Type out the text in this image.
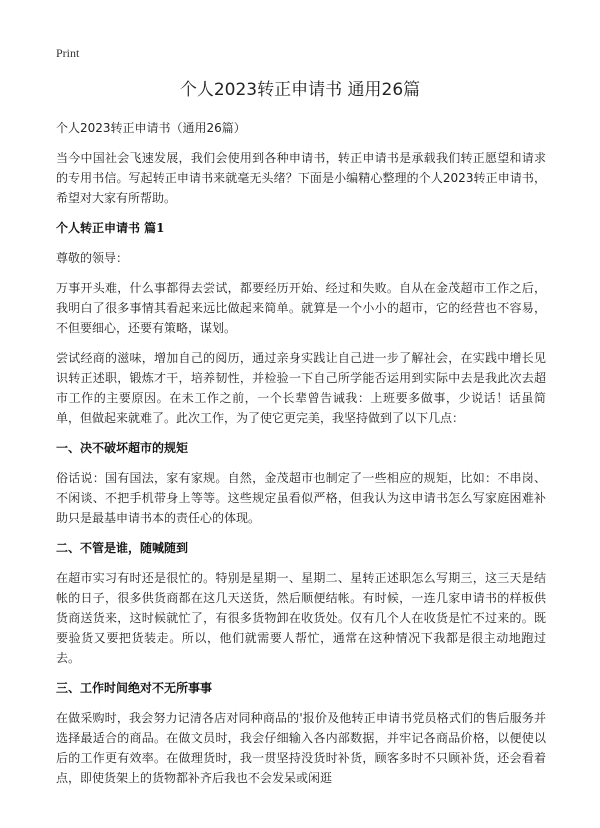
Print
个人2023转正申请书 通用26篇

个人2023转正申请书（通用26篇）

当今中国社会飞速发展，我们会使用到各种申请书，转正申请书是承载我们转正愿望和请求的专用书信。写起转正申请书来就毫无头绪？下面是小编精心整理的个人2023转正申请书，希望对大家有所帮助。

个人转正申请书 篇1

尊敬的领导：

万事开头难，什么事都得去尝试，都要经历开始、经过和失败。自从在金茂超市工作之后，我明白了很多事情其看起来远比做起来简单。就算是一个小小的超市，它的经营也不容易，不但要细心，还要有策略，谋划。

尝试经商的滋味，增加自己的阅历，通过亲身实践让自己进一步了解社会，在实践中增长见识转正述职，锻炼才干，培养韧性，并检验一下自己所学能否运用到实际中去是我此次去超市工作的主要原因。在未工作之前，一个长辈曾告诫我：上班要多做事，少说话！话虽简单，但做起来就难了。此次工作，为了使它更完美，我坚持做到了以下几点：

一、决不破坏超市的规矩

俗话说：国有国法，家有家规。自然，金茂超市也制定了一些相应的规矩，比如：不串岗、不闲谈、不把手机带身上等等。这些规定虽看似严格，但我认为这申请书怎么写家庭困难补助只是最基申请书本的责任心的体现。

二、不管是谁，随喊随到

在超市实习有时还是很忙的。特别是星期一、星期二、星转正述职怎么写期三，这三天是结帐的日子，很多供货商都在这几天送货，然后顺便结帐。有时候，一连几家申请书的样板供货商送货来，这时候就忙了，有很多货物卸在收货处。仅有几个人在收货是忙不过来的。既要验货又要把货装走。所以，他们就需要人帮忙，通常在这种情况下我都是很主动地跑过去。

三、工作时间绝对不无所事事

在做采购时，我会努力记清各店对同种商品的'报价及他转正申请书党员格式们的售后服务并选择最适合的商品。在做文员时，我会仔细输入各内部数据，并牢记各商品价格，以便使以后的工作更有效率。在做理货时，我一贯坚持没货时补货，顾客多时不只顾补货，还会看着点，即使货架上的货物都补齐后我也不会发呆或闲逛
